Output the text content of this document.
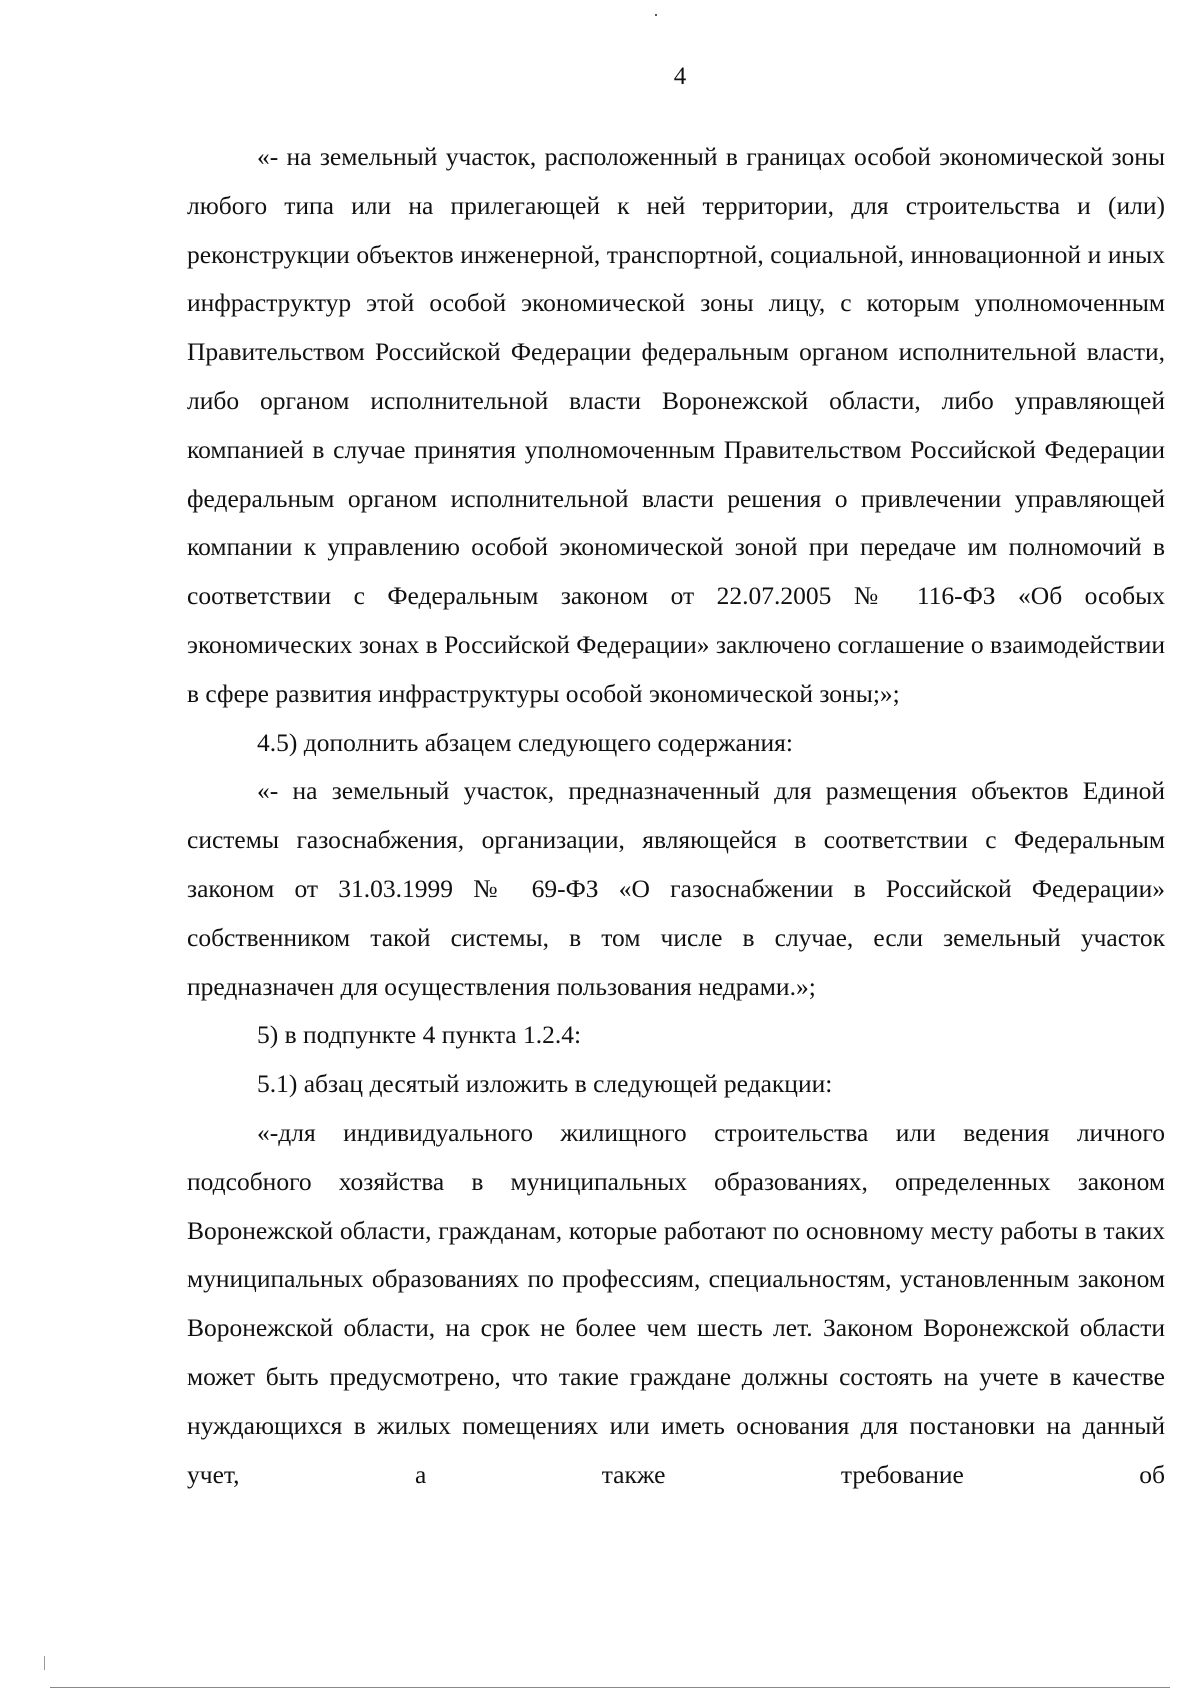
4

«- на земельный участок, расположенный в границах особой экономической зоны любого типа или на прилегающей к ней территории, для строительства и (или) реконструкции объектов инженерной, транспортной, социальной, инновационной и иных инфраструктур этой особой экономической зоны лицу, с которым уполномоченным Правительством Российской Федерации федеральным органом исполнительной власти, либо органом исполнительной власти Воронежской области, либо управляющей компанией в случае принятия уполномоченным Правительством Российской Федерации федеральным органом исполнительной власти решения о привлечении управляющей компании к управлению особой экономической зоной при передаче им полномочий в соответствии с Федеральным законом от 22.07.2005 № 116-ФЗ «Об особых экономических зонах в Российской Федерации» заключено соглашение о взаимодействии в сфере развития инфраструктуры особой экономической зоны;»;

4.5) дополнить абзацем следующего содержания:

«- на земельный участок, предназначенный для размещения объектов Единой системы газоснабжения, организации, являющейся в соответствии с Федеральным законом от 31.03.1999 № 69-ФЗ «О газоснабжении в Российской Федерации» собственником такой системы, в том числе в случае, если земельный участок предназначен для осуществления пользования недрами.»;

5) в подпункте 4 пункта 1.2.4:

5.1) абзац десятый изложить в следующей редакции:

«-для индивидуального жилищного строительства или ведения личного подсобного хозяйства в муниципальных образованиях, определенных законом Воронежской области, гражданам, которые работают по основному месту работы в таких муниципальных образованиях по профессиям, специальностям, установленным законом Воронежской области, на срок не более чем шесть лет. Законом Воронежской области может быть предусмотрено, что такие граждане должны состоять на учете в качестве нуждающихся в жилых помещениях или иметь основания для постановки на данный учет, а также требование об
